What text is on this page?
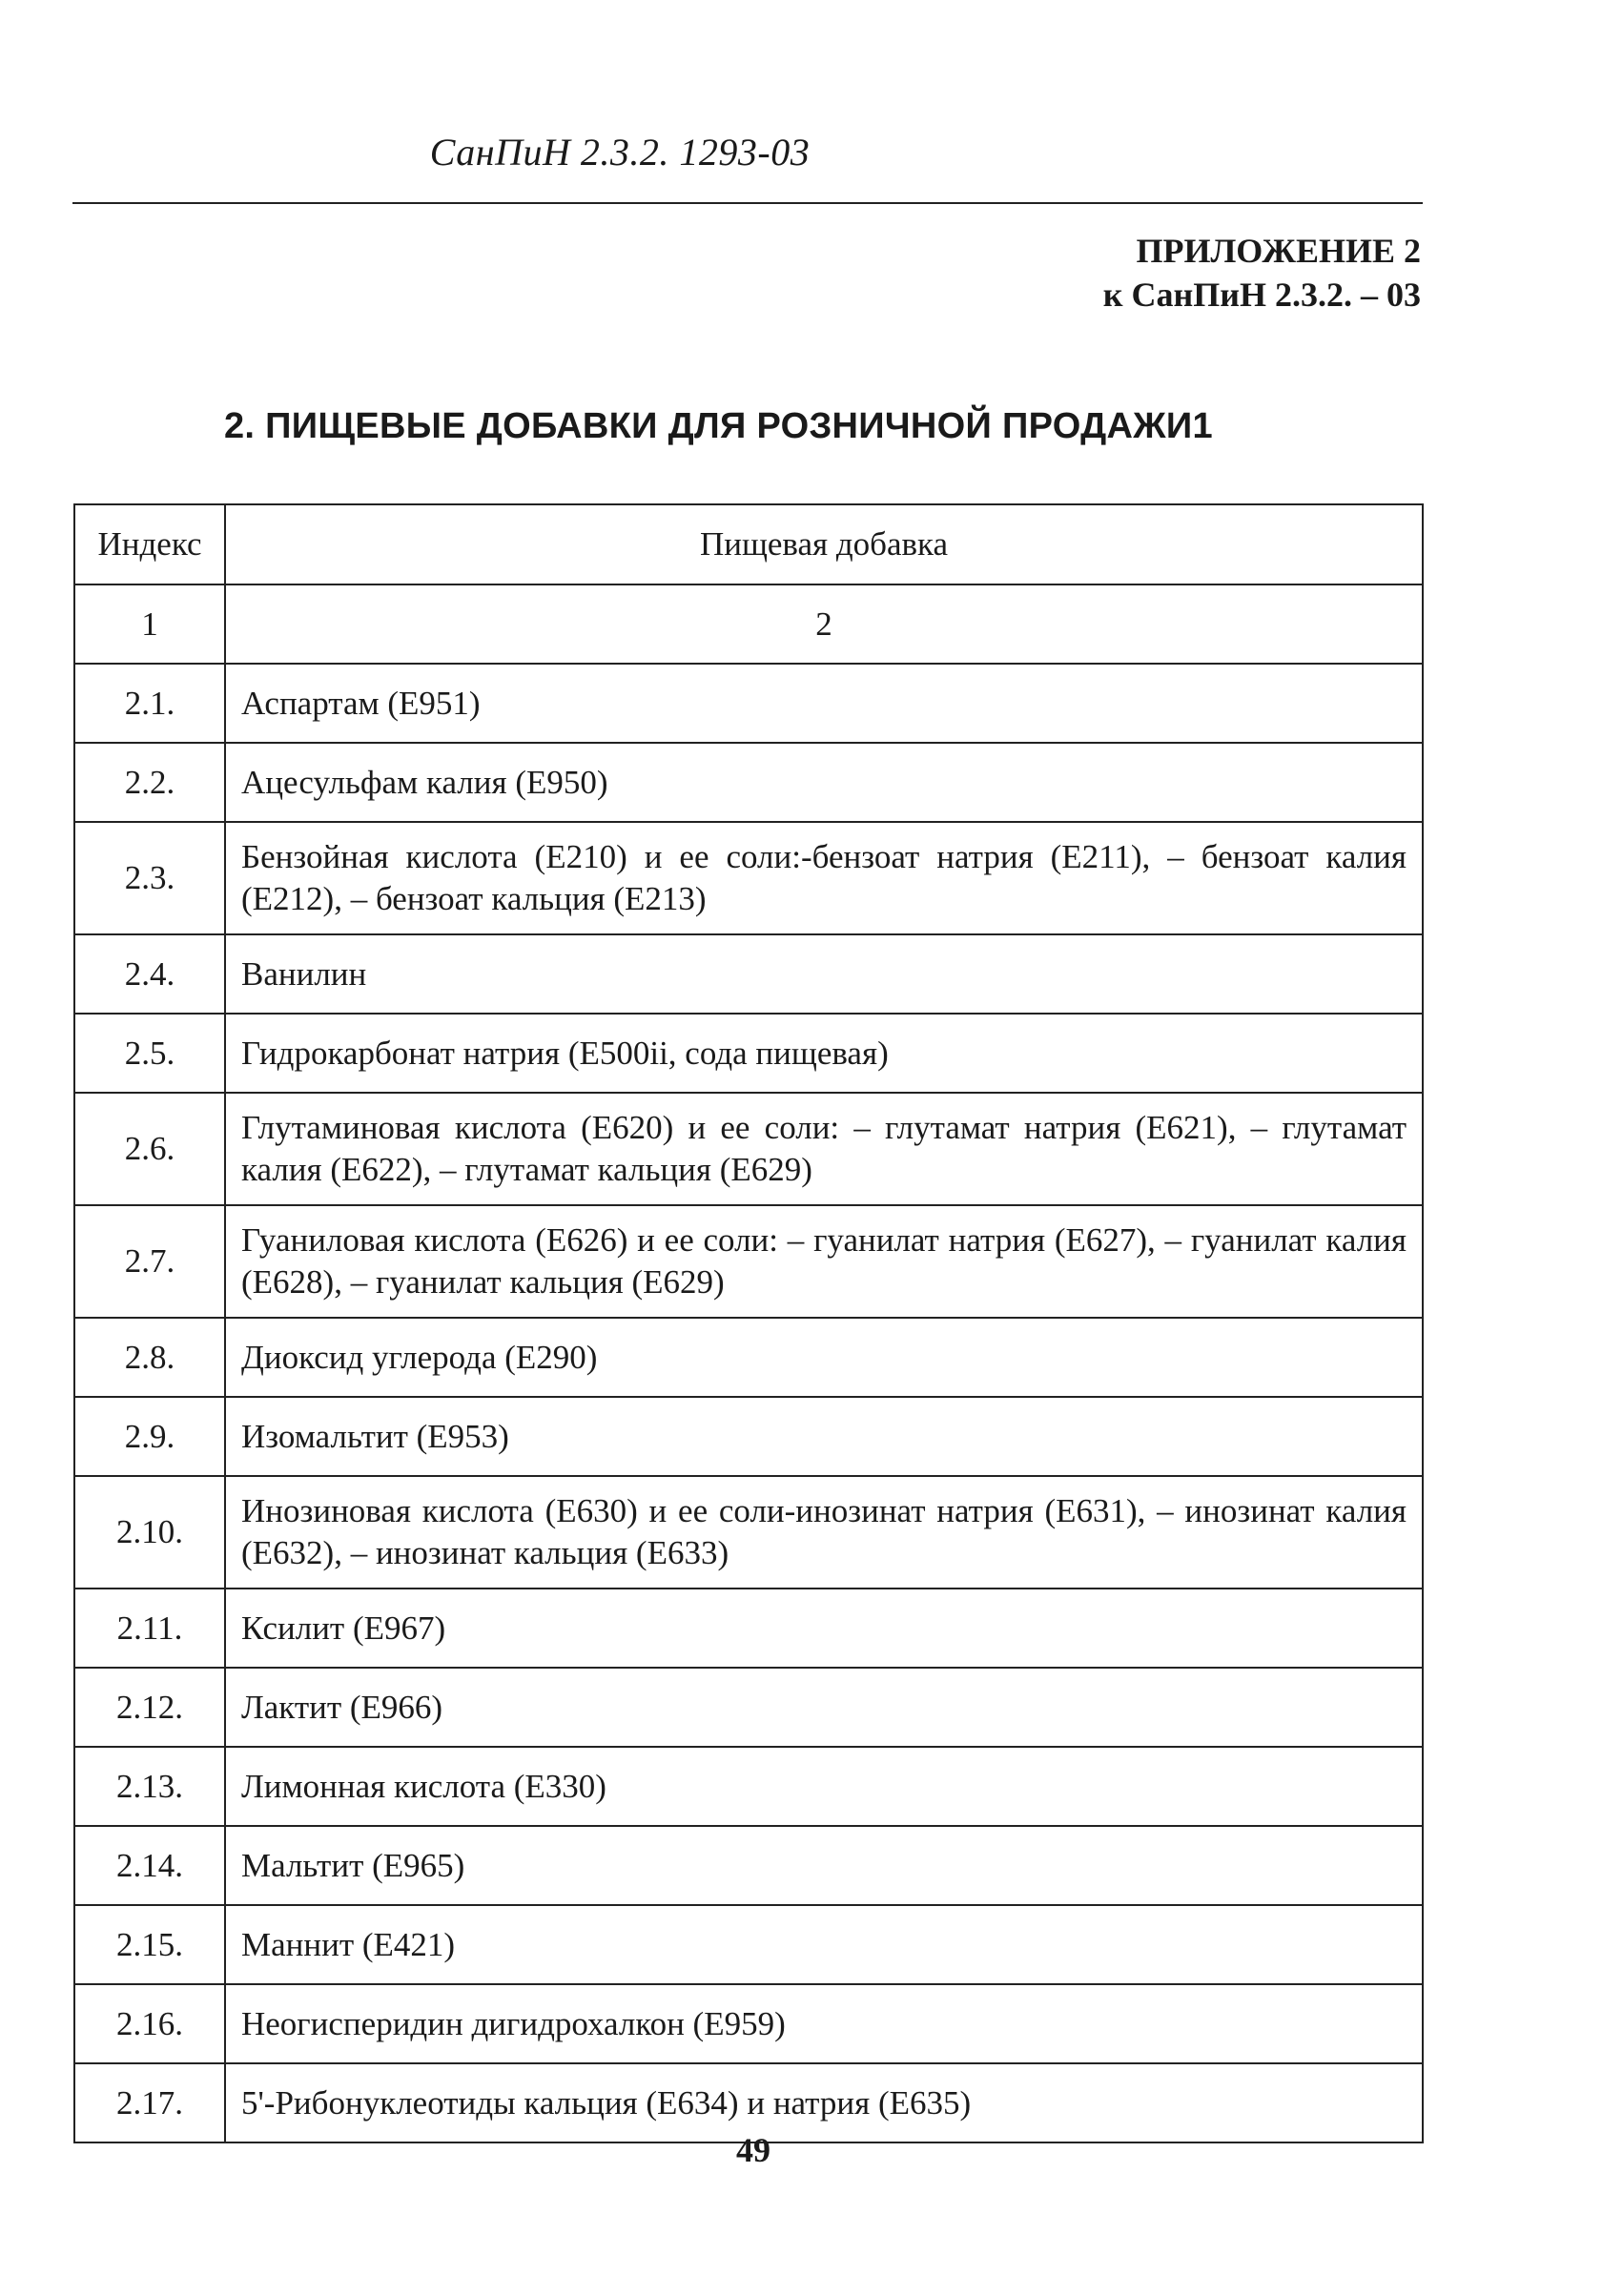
СанПиН 2.3.2. 1293-03
ПРИЛОЖЕНИЕ 2
к СанПиН 2.3.2. – 03
2. ПИЩЕВЫЕ ДОБАВКИ ДЛЯ РОЗНИЧНОЙ ПРОДАЖИ1
Индекс	Пищевая добавка
1	2
2.1.	Аспартам (Е951)
2.2.	Ацесульфам калия (Е950)
2.3.	Бензойная кислота (Е210) и ее соли:-бензоат натрия (Е211), – бензоат калия (Е212), – бензоат кальция (Е213)
2.4.	Ванилин
2.5.	Гидрокарбонат натрия (Е500ii, сода пищевая)
2.6.	Глутаминовая кислота (Е620) и ее соли: – глутамат натрия (Е621), – глутамат калия (Е622), – глутамат кальция (Е629)
2.7.	Гуаниловая кислота (Е626) и ее соли: – гуанилат натрия (Е627), – гуанилат калия (Е628), – гуанилат кальция (Е629)
2.8.	Диоксид углерода (Е290)
2.9.	Изомальтит (Е953)
2.10.	Инозиновая кислота (Е630) и ее соли-инозинат натрия (Е631), – инозинат калия (Е632), – инозинат кальция (Е633)
2.11.	Ксилит (Е967)
2.12.	Лактит (Е966)
2.13.	Лимонная кислота (Е330)
2.14.	Мальтит (Е965)
2.15.	Маннит (Е421)
2.16.	Неогисперидин дигидрохалкон (Е959)
2.17.	5'-Рибонуклеотиды кальция (Е634) и натрия (Е635)
49
